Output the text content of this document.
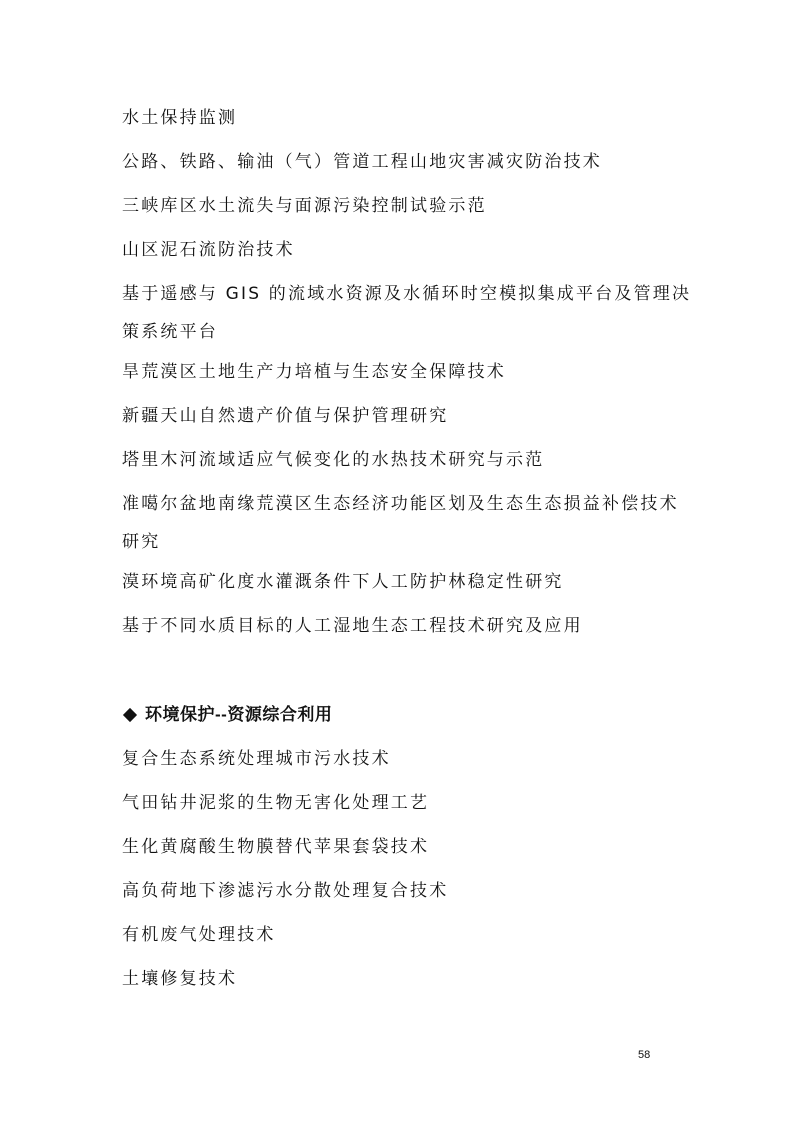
水土保持监测
公路、铁路、输油（气）管道工程山地灾害减灾防治技术
三峡库区水土流失与面源污染控制试验示范
山区泥石流防治技术
基于遥感与 GIS 的流域水资源及水循环时空模拟集成平台及管理决策系统平台
旱荒漠区土地生产力培植与生态安全保障技术
新疆天山自然遗产价值与保护管理研究
塔里木河流域适应气候变化的水热技术研究与示范
准噶尔盆地南缘荒漠区生态经济功能区划及生态生态损益补偿技术研究
漠环境高矿化度水灌溉条件下人工防护林稳定性研究
基于不同水质目标的人工湿地生态工程技术研究及应用
环境保护--资源综合利用
复合生态系统处理城市污水技术
气田钻井泥浆的生物无害化处理工艺
生化黄腐酸生物膜替代苹果套袋技术
高负荷地下渗滤污水分散处理复合技术
有机废气处理技术
土壤修复技术
58
